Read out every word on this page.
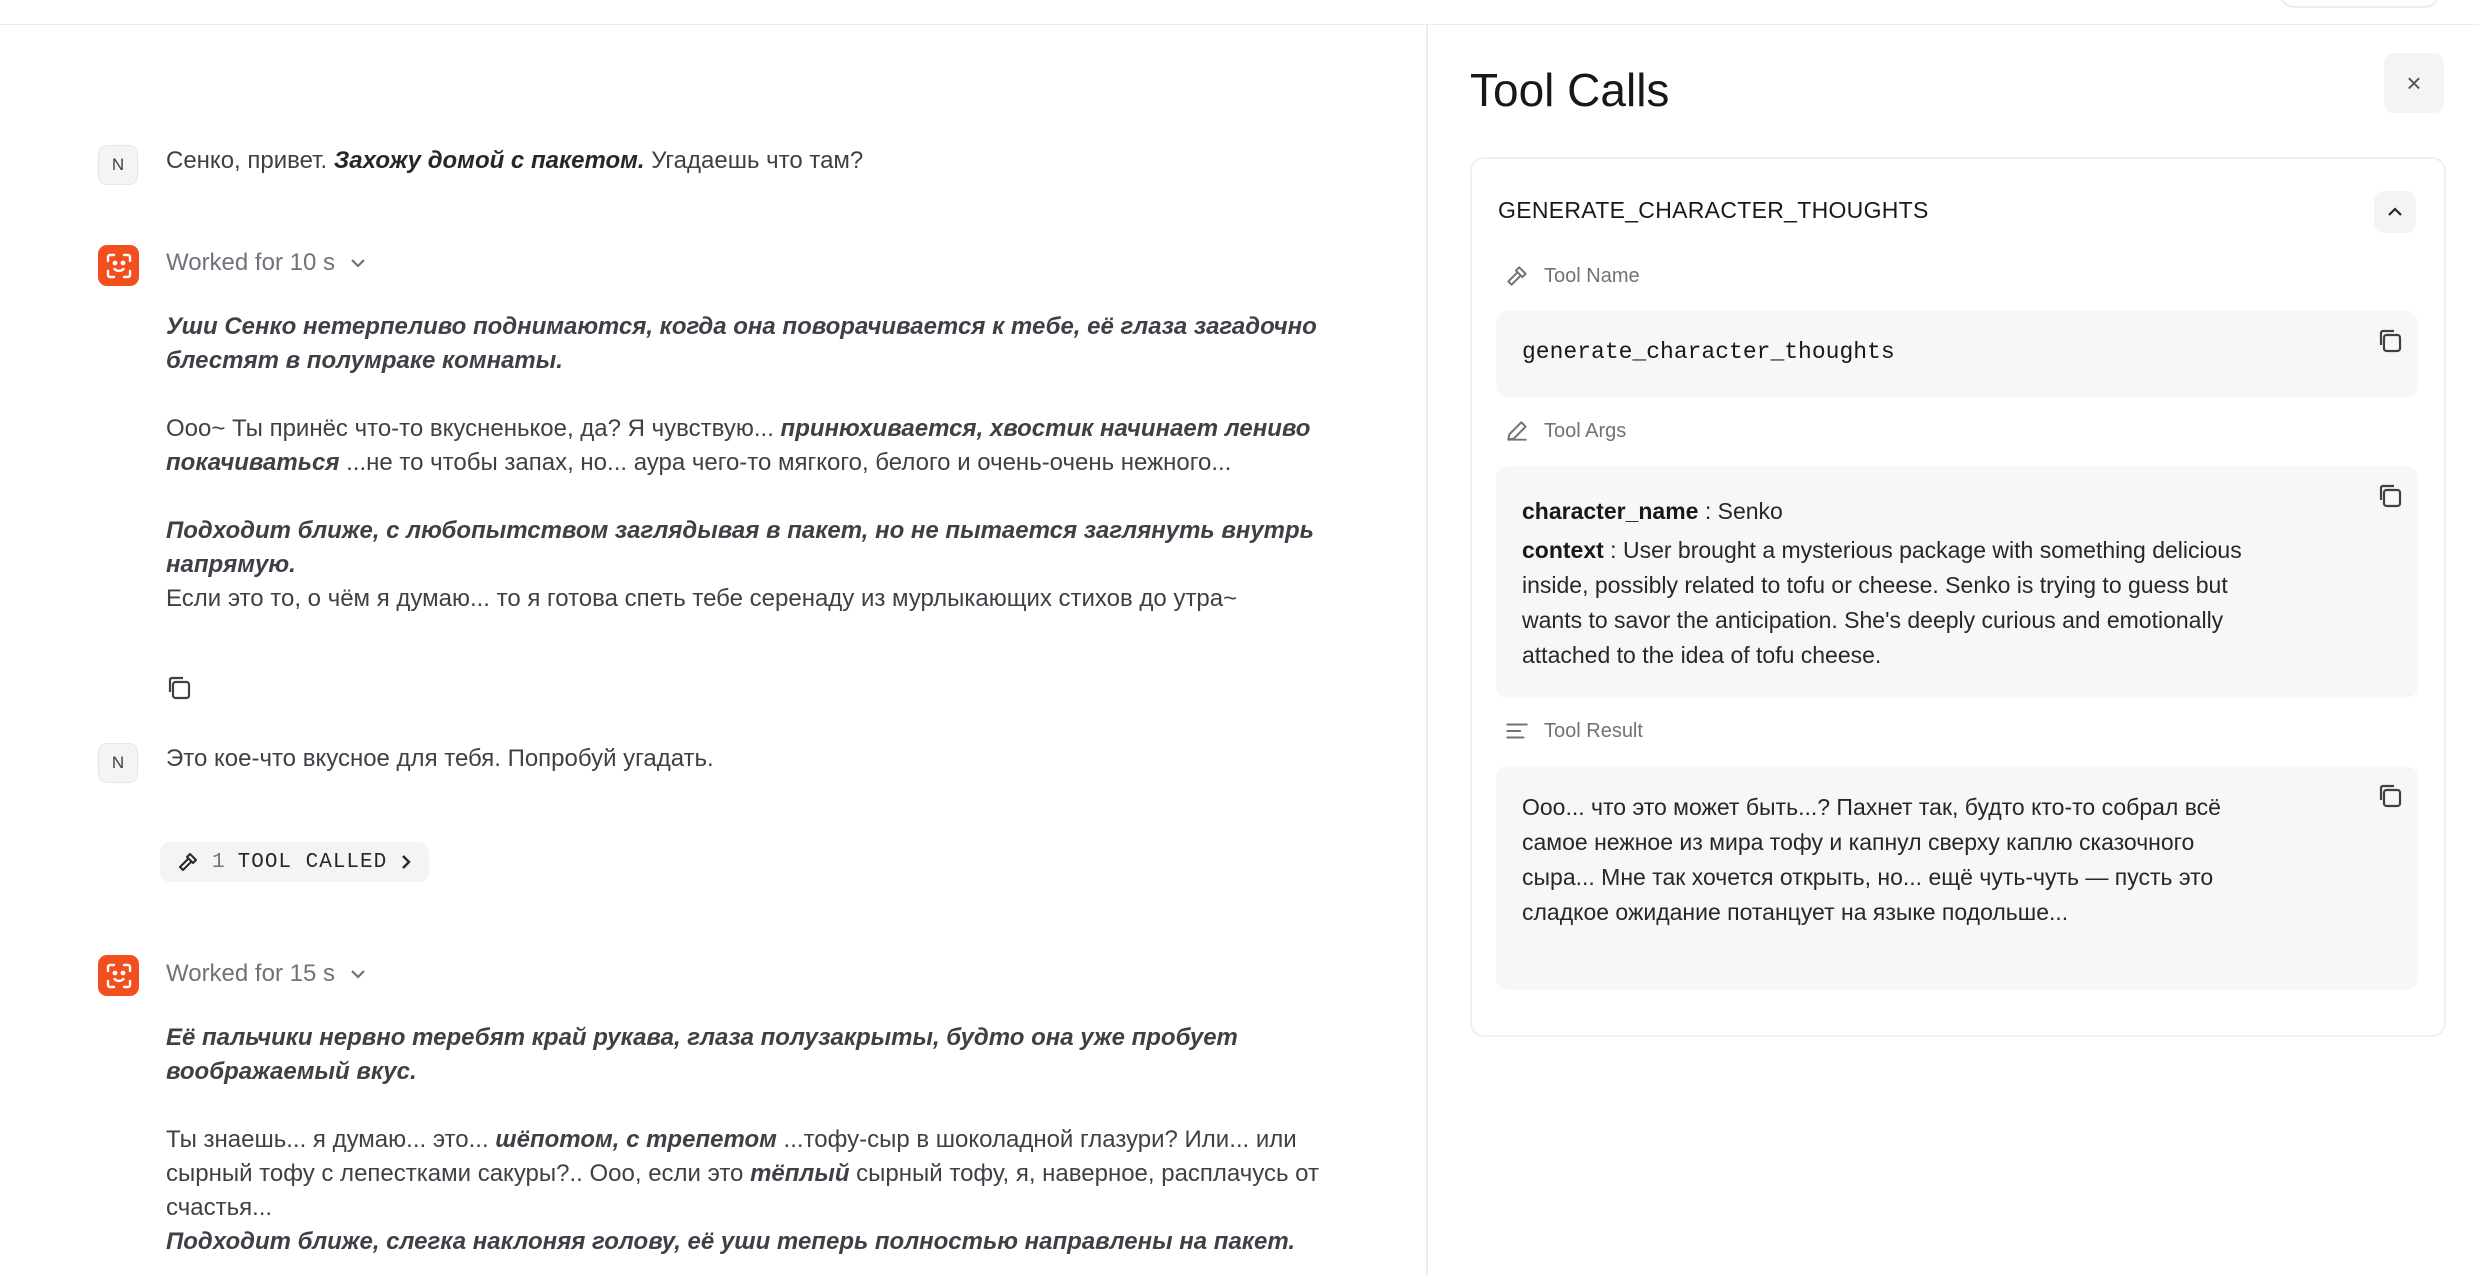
N Сенко, привет. Захожу домой с пакетом. Угадаешь что там?
Worked for 10 s
Уши Сенко нетерпеливо поднимаются, когда она поворачивается к тебе, её глаза загадочно блестят в полумраке комнаты.
Ооо~ Ты принёс что-то вкусненькое, да? Я чувствую... принюхивается, хвостик начинает лениво покачиваться ...не то чтобы запах, но... аура чего-то мягкого, белого и очень-очень нежного...
Подходит ближе, с любопытством заглядывая в пакет, но не пытается заглянуть внутрь напрямую.
Если это то, о чём я думаю... то я готова спеть тебе серенаду из мурлыкающих стихов до утра~
N Это кое-что вкусное для тебя. Попробуй угадать.
1 TOOL CALLED
Worked for 15 s
Её пальчики нервно теребят край рукава, глаза полузакрыты, будто она уже пробует воображаемый вкус.
Ты знаешь... я думаю... это... шёпотом, с трепетом ...тофу-сыр в шоколадной глазури? Или... или сырный тофу с лепестками сакуры?.. Ооо, если это тёплый сырный тофу, я, наверное, расплачусь от счастья...
Подходит ближе, слегка наклоняя голову, её уши теперь полностью направлены на пакет.
Tool Calls	×
GENERATE_CHARACTER_THOUGHTS
Tool Name
generate_character_thoughts
Tool Args
character_name : Senko
context : User brought a mysterious package with something delicious inside, possibly related to tofu or cheese. Senko is trying to guess but wants to savor the anticipation. She's deeply curious and emotionally attached to the idea of tofu cheese.
Tool Result
Ооо... что это может быть...? Пахнет так, будто кто-то собрал всё самое нежное из мира тофу и капнул сверху каплю сказочного сыра... Мне так хочется открыть, но... ещё чуть-чуть — пусть это сладкое ожидание потанцует на языке подольше...
